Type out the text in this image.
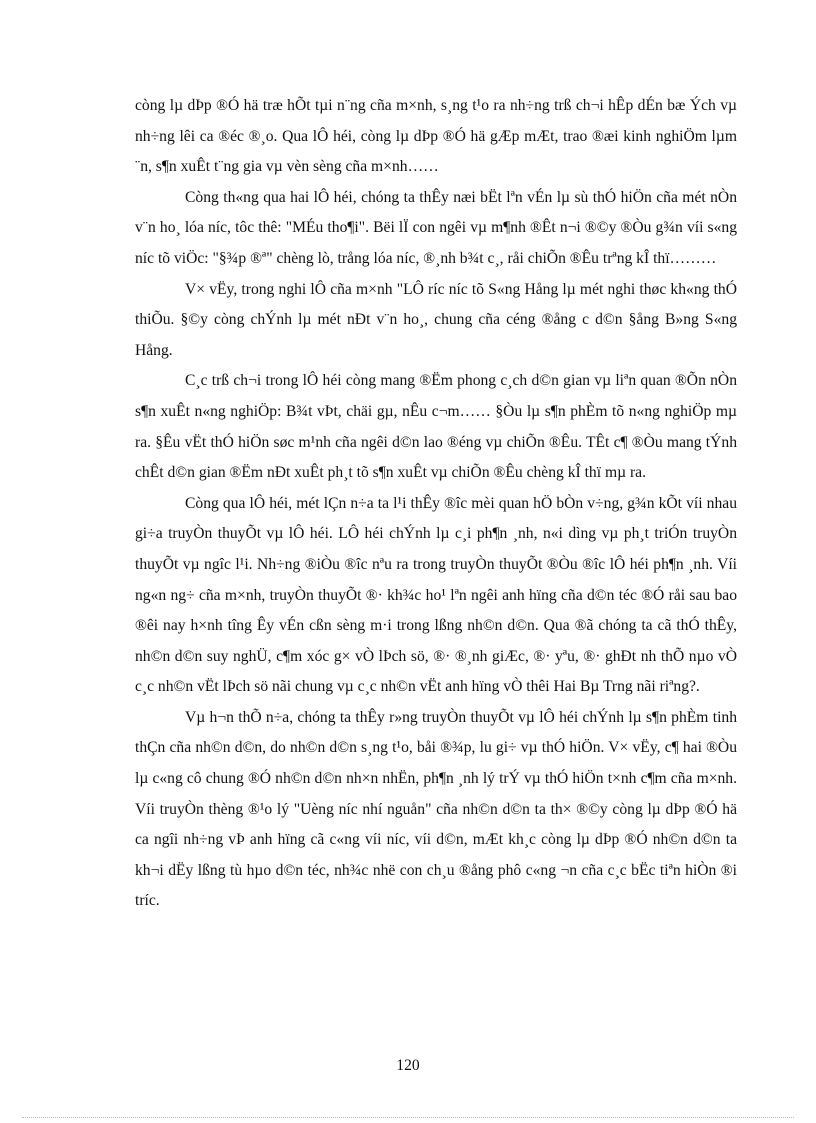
còng lµ dÞp ®Ó hä træ hÕt tµi n¨ng cña m×nh, s¸ng t¹o ra nh÷ng trß ch¬i hÊp dÉn bæ Ých vµ nh÷ng lêi ca ®éc ®¸o. Qua lÔ héi, còng lµ dÞp ®Ó hä gÆp mÆt, trao ®æi kinh nghiÖm lµm ¨n, s¶n xuÊt t¨ng gia vµ vèn sèng cña m×nh……

Còng th«ng qua hai lÔ héi, chóng ta thÊy næi bËt lªn vÉn lµ sù thÓ hiÖn cña mét nÒn v¨n ho¸ lóa níc, tôc thê: "MÉu tho¶i". Bëi lÏ con ngêi vµ m¶nh ®Êt n¬i ®©y ®Òu g¾n víi s«ng níc tõ viÖc: "§¾p ®ª" chèng lò, trång lóa níc, ®¸nh b¾t c¸, råi chiÕn ®Êu trªng kÎ thï………

V× vËy, trong nghi lÔ cña m×nh "LÔ ríc níc tõ S«ng Hång lµ mét nghi thøc kh«ng thÓ thiÕu. §©y còng chÝnh lµ mét nÐt v¨n ho¸, chung cña céng ®ång c d©n §ång B»ng S«ng Hång.

C¸c trß ch¬i trong lÔ héi còng mang ®Ëm phong c¸ch d©n gian vµ liªn quan ®Õn nÒn s¶n xuÊt n«ng nghiÖp: B¾t vÞt, chäi gµ, nÊu c¬m…… §Òu lµ s¶n phÈm tõ n«ng nghiÖp mµ ra. §Êu vËt thÓ hiÖn søc m¹nh cña ngêi d©n lao ®éng vµ chiÕn ®Êu. TÊt c¶ ®Òu mang tÝnh chÊt d©n gian ®Ëm nÐt xuÊt ph¸t tõ s¶n xuÊt vµ chiÕn ®Êu chèng kÎ thï mµ ra.

Còng qua lÔ héi, mét lÇn n÷a ta l¹i thÊy ®îc mèi quan hÖ bÒn v÷ng, g¾n kÕt víi nhau gi÷a truyÒn thuyÕt vµ lÔ héi. LÔ héi chÝnh lµ c¸i ph¶n ¸nh, n«i dìng vµ ph¸t triÓn truyÒn thuyÕt vµ ngîc l¹i. Nh÷ng ®iÒu ®îc nªu ra trong truyÒn thuyÕt ®Òu ®îc lÔ héi ph¶n ¸nh. Víi ng«n ng÷ cña m×nh, truyÒn thuyÕt ®· kh¾c ho¹ lªn ngêi anh hïng cña d©n téc ®Ó råi sau bao ®êi nay h×nh tîng Êy vÉn cßn sèng m·i trong lßng nh©n d©n. Qua ®ã chóng ta cã thÓ thÊy, nh©n d©n suy nghÜ, c¶m xóc g× vÒ lÞch sö, ®· ®¸nh giÆc, ®· yªu, ®· ghÐt nh thÕ nµo vÒ c¸c nh©n vËt lÞch sö nãi chung vµ c¸c nh©n vËt anh hïng vÒ thêi Hai Bµ Trng nãi riªng?.

Vµ h¬n thÕ n÷a, chóng ta thÊy r»ng truyÒn thuyÕt vµ lÔ héi chÝnh lµ s¶n phÈm tinh thÇn cña nh©n d©n, do nh©n d©n s¸ng t¹o, båi ®¾p, lu gi÷ vµ thÓ hiÖn. V× vËy, c¶ hai ®Òu lµ c«ng cô chung ®Ó nh©n d©n nh×n nhËn, ph¶n ¸nh lý trÝ vµ thÓ hiÖn t×nh c¶m cña m×nh. Víi truyÒn thèng ®¹o lý "Uèng níc nhí nguån" cña nh©n d©n ta th× ®©y còng lµ dÞp ®Ó hä ca ngîi nh÷ng vÞ anh hïng cã c«ng víi níc, víi d©n, mÆt kh¸c còng lµ dÞp ®Ó nh©n d©n ta kh¬i dËy lßng tù hµo d©n téc, nh¾c nhë con ch¸u ®ång phô c«ng ¬n cña c¸c bËc tiªn hiÒn ®i tríc.

120
